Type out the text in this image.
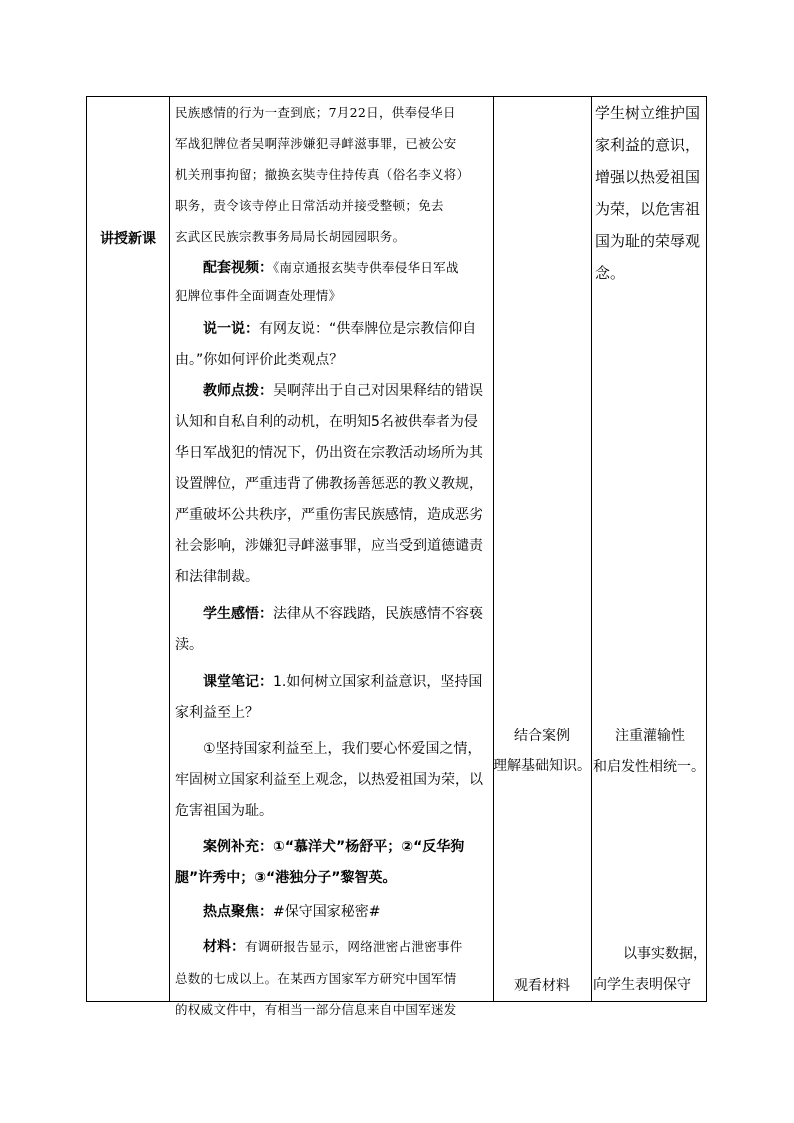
讲授新课

民族感情的行为一查到底；7月22日，供奉侵华日
军战犯牌位者吴啊萍涉嫌犯寻衅滋事罪，已被公安
机关刑事拘留；撤换玄奘寺住持传真（俗名李义将）
职务，责令该寺停止日常活动并接受整顿；免去
玄武区民族宗教事务局局长胡园园职务。

配套视频：《南京通报玄奘寺供奉侵华日军战

犯牌位事件全面调查处理情》

说一说：有网友说：“供奉牌位是宗教信仰自

由。”你如何评价此类观点？

教师点拨：吴啊萍出于自己对因果释结的错误

认知和自私自利的动机，在明知5名被供奉者为侵
华日军战犯的情况下，仍出资在宗教活动场所为其
设置牌位，严重违背了佛教扬善惩恶的教义教规，
严重破坏公共秩序，严重伤害民族感情，造成恶劣
社会影响，涉嫌犯寻衅滋事罪，应当受到道德谴责
和法律制裁。

学生感悟：法律从不容践踏，民族感情不容亵

渎。

课堂笔记：1.如何树立国家利益意识，坚持国

家利益至上？

①坚持国家利益至上，我们要心怀爱国之情，

牢固树立国家利益至上观念，以热爱祖国为荣，以
危害祖国为耻。

案例补充：①“慕洋犬”杨舒平；②“反华狗

腿”许秀中；③“港独分子”黎智英。

热点聚焦：#保守国家秘密#

材料：有调研报告显示，网络泄密占泄密事件

总数的七成以上。在某西方国家军方研究中国军情
的权威文件中，有相当一部分信息来自中国军迷发

结合案例
理解基础知识。
观看材料

学生树立维护国

家利益的意识，

增强以热爱祖国

为荣，以危害祖

国为耻的荣辱观

念。

注重灌输性

和启发性相统一。

以事实数据，

向学生表明保守
